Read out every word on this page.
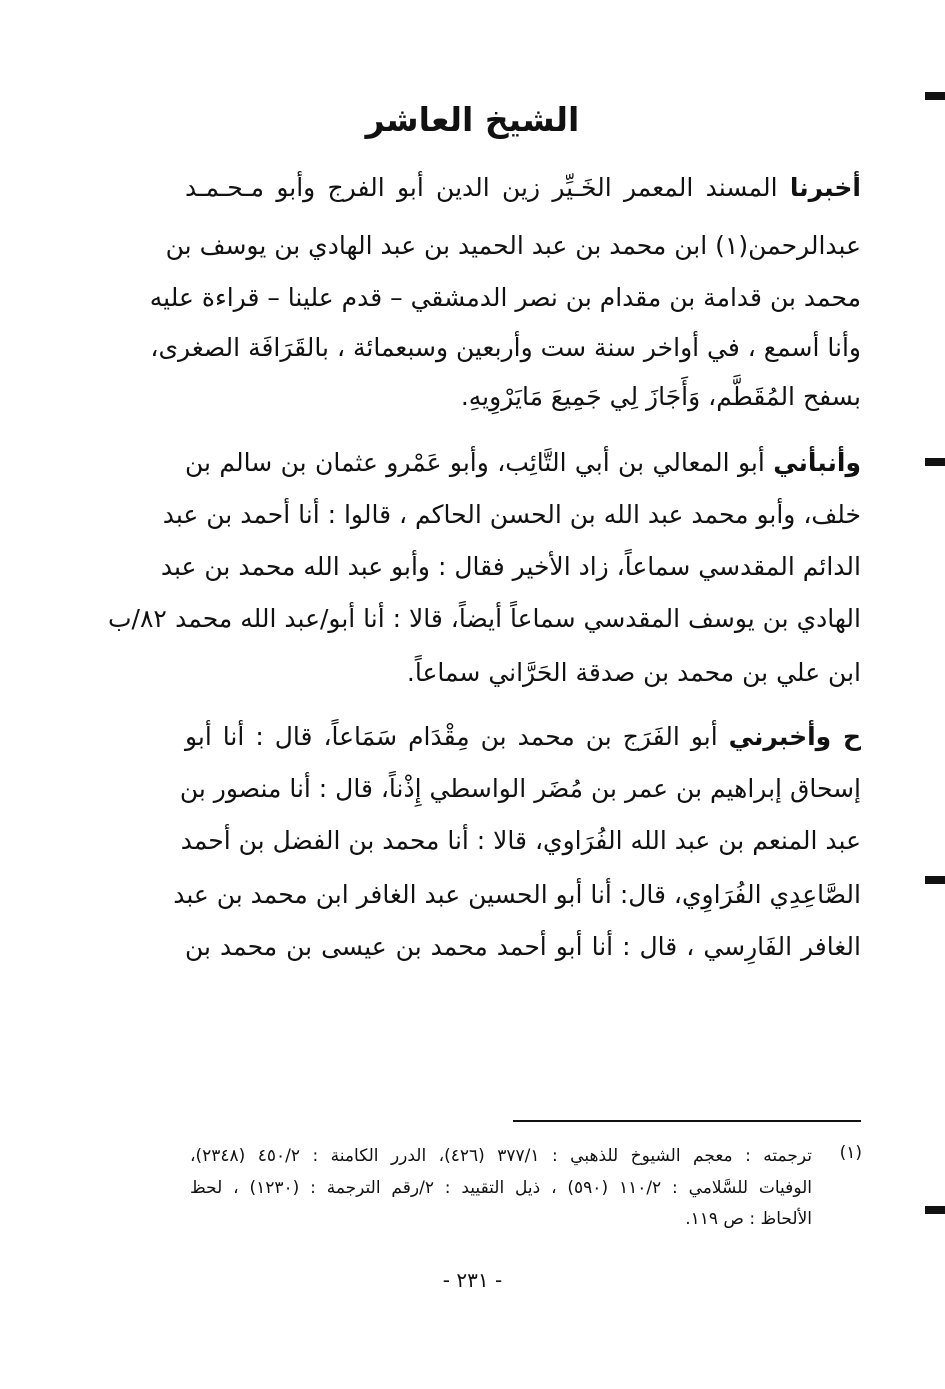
الشيخ العاشر
أخبرنا المسند المعمر الخَـيِّر زين الدين أبو الفرج وأبو مـحـمـد
عبدالرحمن(١) ابن محمد بن عبد الحميد بن عبد الهادي بن يوسف بن
محمد بن قدامة بن مقدام بن نصر الدمشقي – قدم علينا – قراءة عليه
وأنا أسمع ، في أواخر سنة ست وأربعين وسبعمائة ، بالقَرَافَة الصغرى،
بسفح المُقَطَّم، وَأَجَازَ لِي جَمِيعَ مَايَرْوِيهِ.
وأنبأني أبو المعالي بن أبي التَّائِب، وأبو عَمْرو عثمان بن سالم بن
خلف، وأبو محمد عبد الله بن الحسن الحاكم ، قالوا : أنا أحمد بن عبد
الدائم المقدسي سماعاً، زاد الأخير فقال : وأبو عبد الله محمد بن عبد
الهادي بن يوسف المقدسي سماعاً أيضاً، قالا : أنا أبو/عبد الله محمد
٨٢/ب
ابن علي بن محمد بن صدقة الحَرَّاني سماعاً.
ح وأخبرني أبو الفَرَج بن محمد بن مِقْدَام سَمَاعاً، قال : أنا أبو
إسحاق إبراهيم بن عمر بن مُضَر الواسطي إِذْناً، قال : أنا منصور بن
عبد المنعم بن عبد الله الفُرَاوي، قالا : أنا محمد بن الفضل بن أحمد
الصَّاعِدِي الفُرَاوِي، قال: أنا أبو الحسين عبد الغافر ابن محمد بن عبد
الغافر الفَارِسي ، قال : أنا أبو أحمد محمد بن عيسى بن محمد بن
(١)
ترجمته : معجم الشيوخ للذهبي : ٣٧٧/١ (٤٢٦)، الدرر الكامنة : ٤٥٠/٢ (٢٣٤٨)،
الوفيات للسَّلامي : ١١٠/٢ (٥٩٠) ، ذيل التقييد : ٢/رقم الترجمة : (١٢٣٠) ، لحظ
الألحاظ : ص ١١٩.
- ٢٣١ -
